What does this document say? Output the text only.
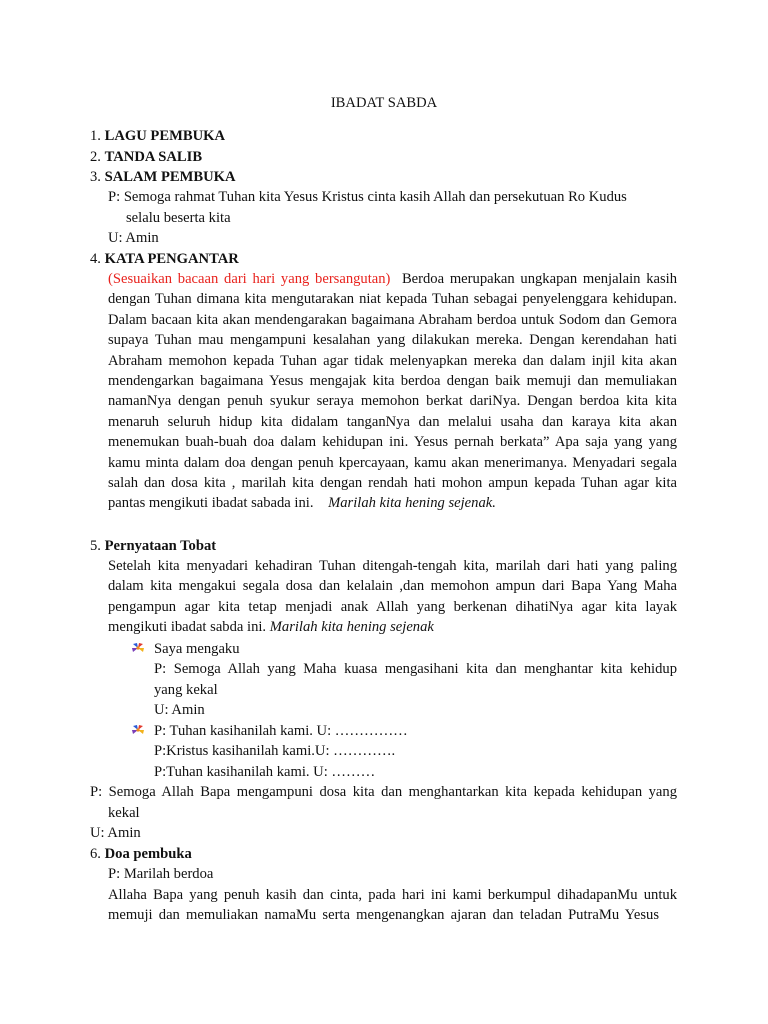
IBADAT SABDA
1. LAGU PEMBUKA
2. TANDA SALIB
3. SALAM PEMBUKA
P: Semoga rahmat Tuhan kita Yesus Kristus cinta kasih Allah dan persekutuan Ro Kudus
selalu beserta kita
U: Amin
4. KATA PENGANTAR
(Sesuaikan bacaan dari hari yang bersangutan) Berdoa merupakan ungkapan menjalain kasih dengan Tuhan dimana kita mengutarakan niat kepada Tuhan sebagai penyelenggara kehidupan. Dalam bacaan kita akan mendengarakan bagaimana Abraham berdoa untuk Sodom dan Gemora supaya Tuhan mau mengampuni kesalahan yang dilakukan mereka. Dengan kerendahan hati Abraham memohon kepada Tuhan agar tidak melenyapkan mereka dan dalam injil kita akan mendengarkan bagaimana Yesus mengajak kita berdoa dengan baik memuji dan memuliakan namanNya dengan penuh syukur seraya memohon berkat dariNya. Dengan berdoa kita kita menaruh seluruh hidup kita didalam tanganNya dan melalui usaha dan karaya kita akan menemukan buah-buah doa dalam kehidupan ini. Yesus pernah berkata” Apa saja yang yang kamu minta dalam doa dengan penuh kpercayaan, kamu akan menerimanya. Menyadari segala salah dan dosa kita , marilah kita dengan rendah hati mohon ampun kepada Tuhan agar kita pantas mengikuti ibadat sabada ini. Marilah kita hening sejenak.
5. Pernyataan Tobat
Setelah kita menyadari kehadiran Tuhan ditengah-tengah kita, marilah dari hati yang paling dalam kita mengakui segala dosa dan kelalain ,dan memohon ampun dari Bapa Yang Maha pengampun agar kita tetap menjadi anak Allah yang berkenan dihatiNya agar kita layak mengikuti ibadat sabda ini. Marilah kita hening sejenak
Saya mengaku
P: Semoga Allah yang Maha kuasa mengasihani kita dan menghantar kita kehidup
yang kekal
U: Amin
P: Tuhan kasihanilah kami. U: ……………
P:Kristus kasihanilah kami.U: ………….
P:Tuhan kasihanilah kami. U: ………
P: Semoga Allah Bapa mengampuni dosa kita dan menghantarkan kita kepada kehidupan yang
kekal
U: Amin
6. Doa pembuka
P: Marilah berdoa
Allaha Bapa yang penuh kasih dan cinta, pada hari ini kami berkumpul dihadapanMu untuk
memuji dan memuliakan namaMu serta mengenangkan ajaran dan teladan PutraMu Yesus
